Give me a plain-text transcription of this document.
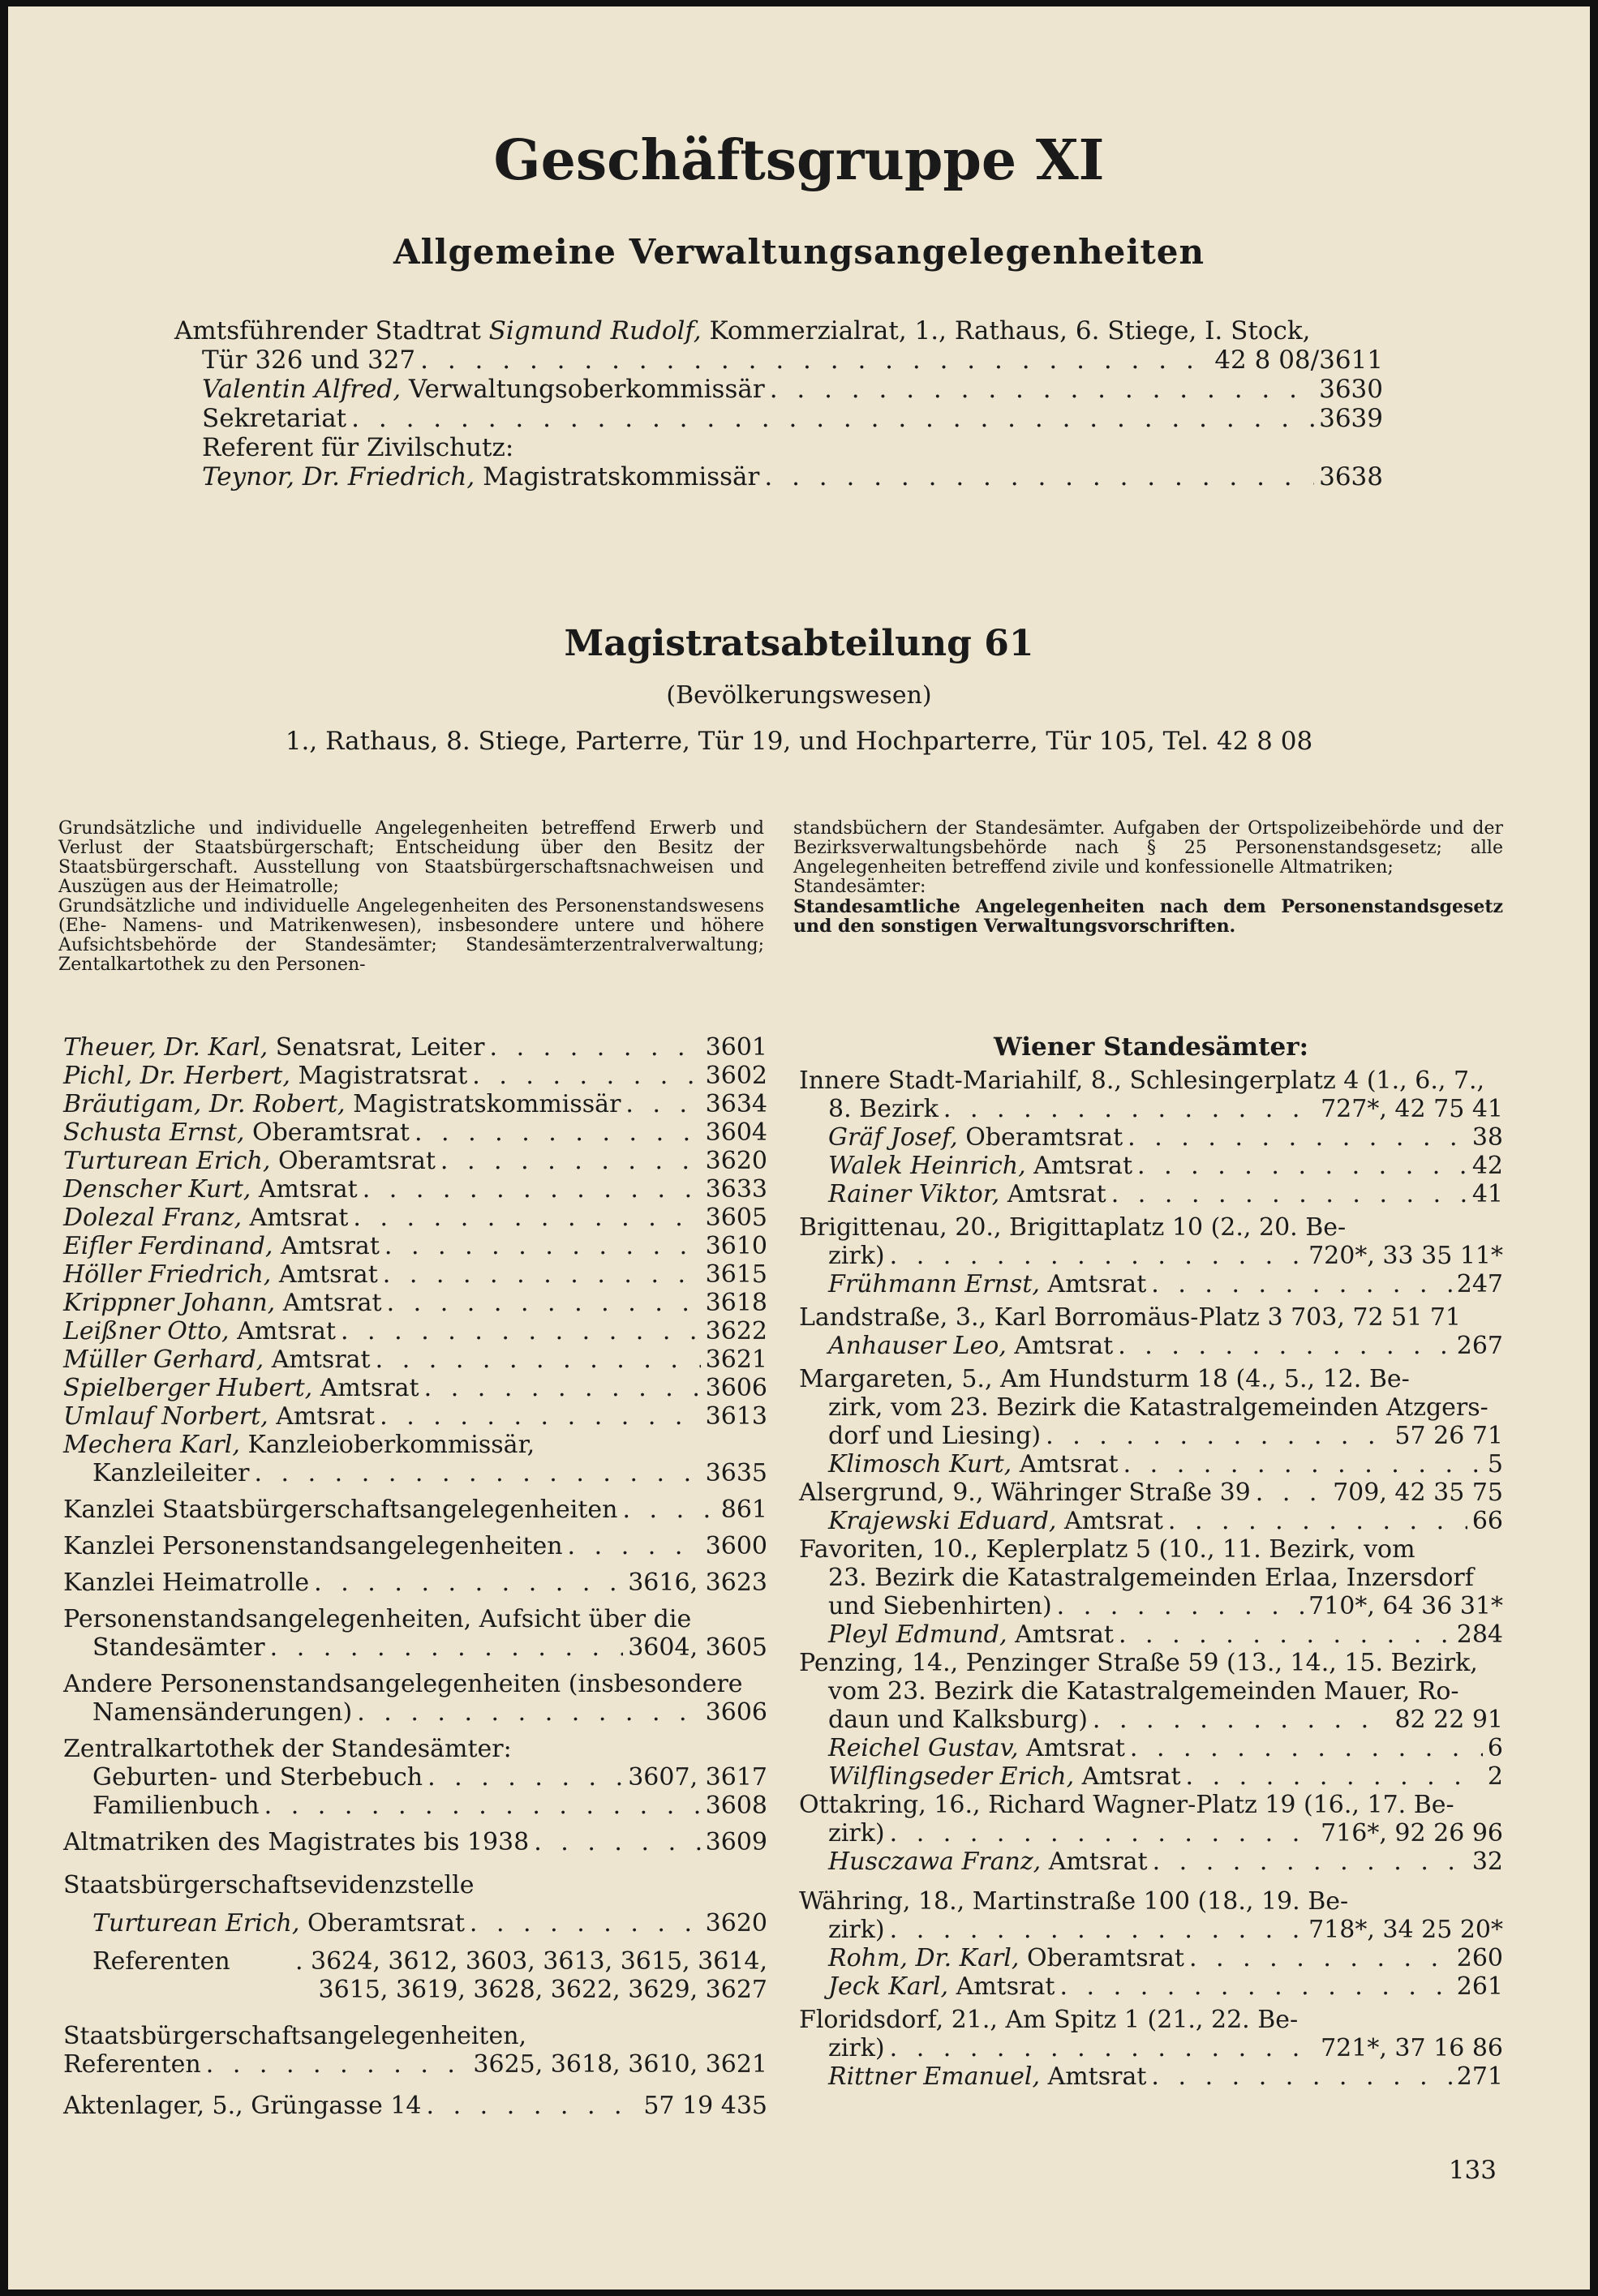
Geschäftsgruppe XI
Allgemeine Verwaltungsangelegenheiten
Amtsführender Stadtrat Sigmund Rudolf, Kommerzialrat, 1., Rathaus, 6. Stiege, I. Stock,
Tür 326 und 327 . . .	42 8 08/3611
Valentin Alfred, Verwaltungsoberkommissär . . .	3630
Sekretariat . . .	3639
Referent für Zivilschutz:
Teynor, Dr. Friedrich, Magistratskommissär . . .	3638
Magistratsabteilung 61
(Bevölkerungswesen)
1., Rathaus, 8. Stiege, Parterre, Tür 19, und Hochparterre, Tür 105, Tel. 42 8 08

Grundsätzliche und individuelle Angelegenheiten betreffend Erwerb und Verlust der Staatsbürgerschaft; Entscheidung über den Besitz der Staatsbürgerschaft. Ausstellung von Staatsbürgerschaftsnachweisen und Auszügen aus der Heimatrolle;

Grundsätzliche und individuelle Angelegenheiten des Personenstandswesens (Ehe- Namens- und Matrikenwesen), insbesondere untere und höhere Aufsichtsbehörde der Standesämter; Standesämterzentralverwaltung; Zentalkartothek zu den Personen-

standsbüchern der Standesämter. Aufgaben der Ortspolizeibehörde und der Bezirksverwaltungsbehörde nach § 25 Personenstandsgesetz; alle Angelegenheiten betreffend zivile und konfessionelle Altmatriken;

Standesämter:

Standesamtliche Angelegenheiten nach dem Personenstandsgesetz und den sonstigen Verwaltungsvorschriften.

Theuer, Dr. Karl, Senatsrat, Leiter . . .	3601
Pichl, Dr. Herbert, Magistratsrat . . .	3602
Bräutigam, Dr. Robert, Magistratskommissär . . .	3634
Schusta Ernst, Oberamtsrat . . .	3604
Turturean Erich, Oberamtsrat . . .	3620
Denscher Kurt, Amtsrat . . .	3633
Dolezal Franz, Amtsrat . . .	3605
Eifler Ferdinand, Amtsrat . . .	3610
Höller Friedrich, Amtsrat . . .	3615
Krippner Johann, Amtsrat . . .	3618
Leißner Otto, Amtsrat . . .	3622
Müller Gerhard, Amtsrat . . .	3621
Spielberger Hubert, Amtsrat . . .	3606
Umlauf Norbert, Amtsrat . . .	3613
Mechera Karl, Kanzleioberkommissär,
Kanzleileiter . . .	3635
Kanzlei Staatsbürgerschaftsangelegenheiten . . .	861
Kanzlei Personenstandsangelegenheiten . . .	3600
Kanzlei Heimatrolle . . .	3616, 3623
Personenstandsangelegenheiten, Aufsicht über die
Standesämter . . .	3604, 3605
Andere Personenstandsangelegenheiten (insbesondere
Namensänderungen) . . .	3606
Zentralkartothek der Standesämter:
Geburten- und Sterbebuch . . .	3607, 3617
Familienbuch . . .	3608
Altmatriken des Magistrates bis 1938 . . .	3609
Staatsbürgerschaftsevidenzstelle
Turturean Erich, Oberamtsrat . . .	3620
Referenten	. 3624, 3612, 3603, 3613, 3615, 3614,
3615, 3619, 3628, 3622, 3629, 3627
Staatsbürgerschaftsangelegenheiten,
Referenten . . .	3625, 3618, 3610, 3621
Aktenlager, 5., Grüngasse 14 . . .	57 19 435
Wiener Standesämter:
Innere Stadt-Mariahilf, 8., Schlesingerplatz 4 (1., 6., 7.,
8. Bezirk . . .	727*, 42 75 41
Gräf Josef, Oberamtsrat . . .	38
Walek Heinrich, Amtsrat . . .	42
Rainer Viktor, Amtsrat . . .	41
Brigittenau, 20., Brigittaplatz 10 (2., 20. Be-
zirk) . . .	720*, 33 35 11*
Frühmann Ernst, Amtsrat . . .	247
Landstraße, 3., Karl Borromäus-Platz 3 703, 72 51 71
Anhauser Leo, Amtsrat . . .	267
Margareten, 5., Am Hundsturm 18 (4., 5., 12. Be-
zirk, vom 23. Bezirk die Katastralgemeinden Atzgers-
dorf und Liesing) . . .	57 26 71
Klimosch Kurt, Amtsrat . . .	5
Alsergrund, 9., Währinger Straße 39 . . .	709, 42 35 75
Krajewski Eduard, Amtsrat . . .	66
Favoriten, 10., Keplerplatz 5 (10., 11. Bezirk, vom
23. Bezirk die Katastralgemeinden Erlaa, Inzersdorf
und Siebenhirten) . . .	710*, 64 36 31*
Pleyl Edmund, Amtsrat . . .	284
Penzing, 14., Penzinger Straße 59 (13., 14., 15. Bezirk,
vom 23. Bezirk die Katastralgemeinden Mauer, Ro-
daun und Kalksburg) . . .	82 22 91
Reichel Gustav, Amtsrat . . .	6
Wilflingseder Erich, Amtsrat . . .	2
Ottakring, 16., Richard Wagner-Platz 19 (16., 17. Be-
zirk) . . .	716*, 92 26 96
Husczawa Franz, Amtsrat . . .	32
Währing, 18., Martinstraße 100 (18., 19. Be-
zirk) . . .	718*, 34 25 20*
Rohm, Dr. Karl, Oberamtsrat . . .	260
Jeck Karl, Amtsrat . . .	261
Floridsdorf, 21., Am Spitz 1 (21., 22. Be-
zirk) . . .	721*, 37 16 86
Rittner Emanuel, Amtsrat . . .	271
133
